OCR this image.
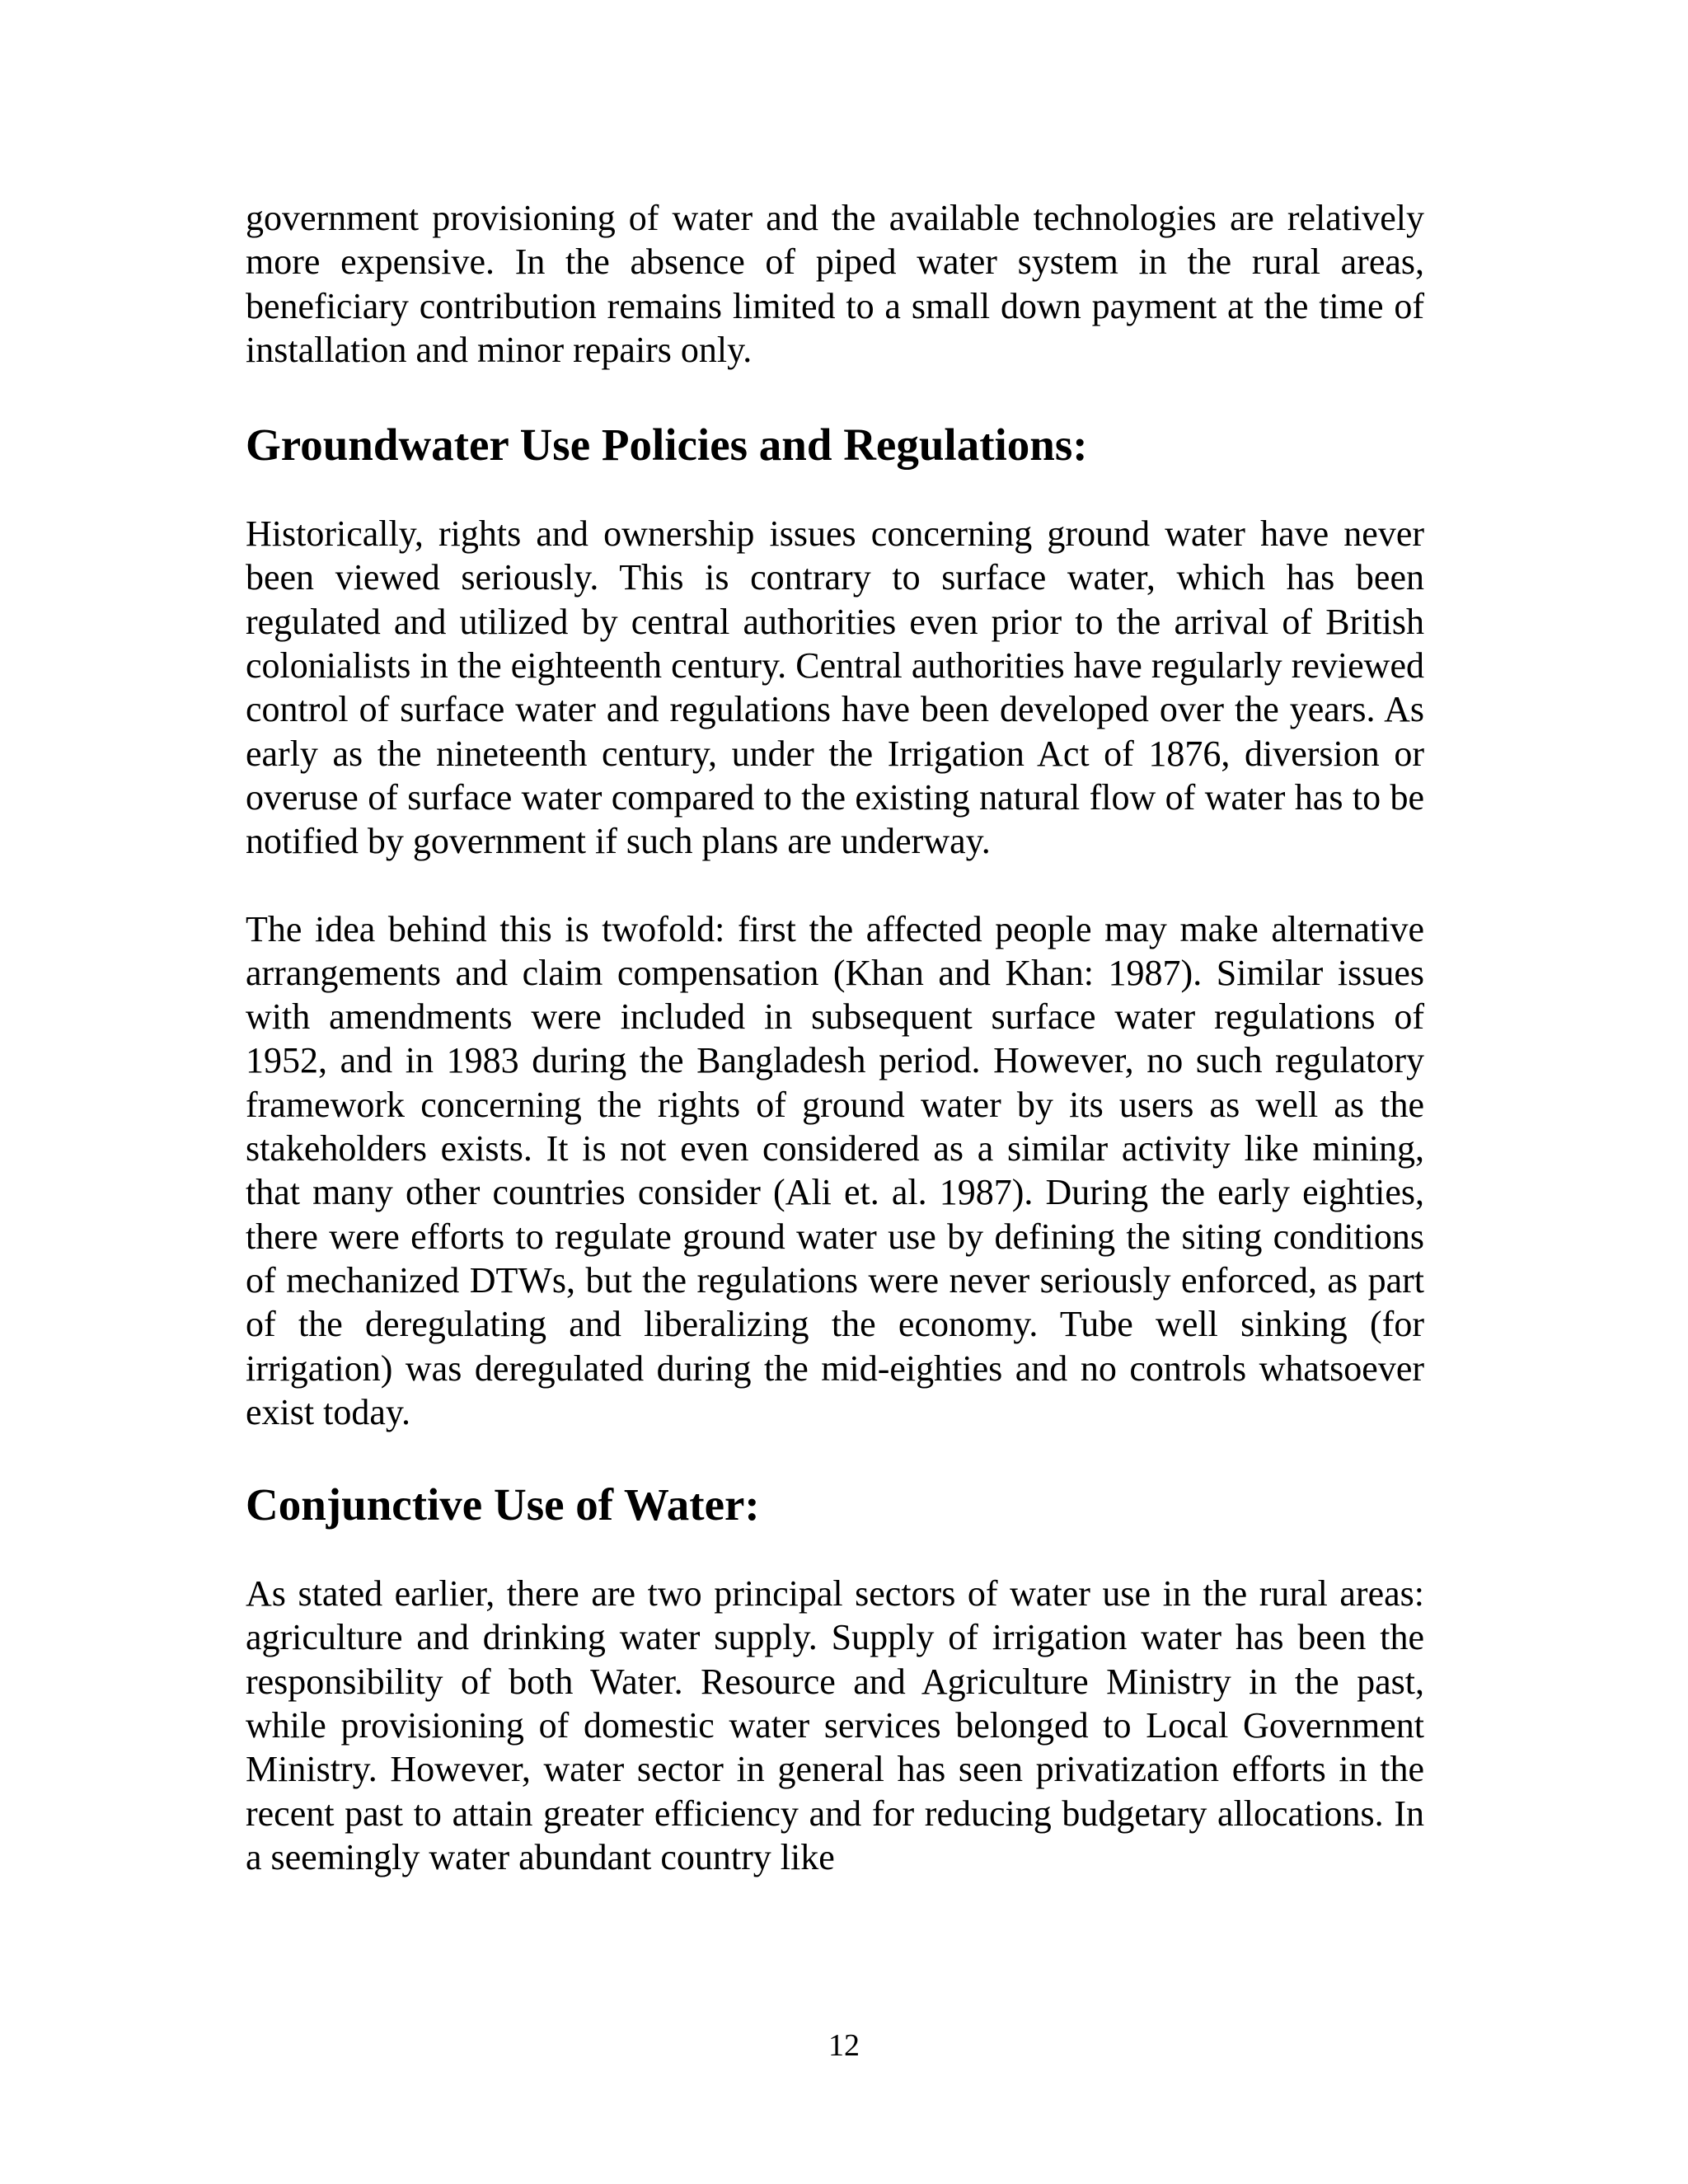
government provisioning of water and the available technologies are relatively more expensive. In the absence of piped water system in the rural areas, beneficiary contribution remains limited to a small down payment at the time of installation and minor repairs only.

Groundwater Use Policies and Regulations:

Historically, rights and ownership issues concerning ground water have never been viewed seriously. This is contrary to surface water, which has been regulated and utilized by central authorities even prior to the arrival of British colonialists in the eighteenth century. Central authorities have regularly reviewed control of surface water and regulations have been developed over the years. As early as the nineteenth century, under the Irrigation Act of 1876, diversion or overuse of surface water compared to the existing natural flow of water has to be notified by government if such plans are underway.

The idea behind this is twofold: first the affected people may make alternative arrangements and claim compensation (Khan and Khan: 1987). Similar issues with amendments were included in subsequent surface water regulations of 1952, and in 1983 during the Bangladesh period. However, no such regulatory framework concerning the rights of ground water by its users as well as the stakeholders exists. It is not even considered as a similar activity like mining, that many other countries consider (Ali et. al. 1987). During the early eighties, there were efforts to regulate ground water use by defining the siting conditions of mechanized DTWs, but the regulations were never seriously enforced, as part of the deregulating and liberalizing the economy. Tube well sinking (for irrigation) was deregulated during the mid-eighties and no controls whatsoever exist today.

Conjunctive Use of Water:

As stated earlier, there are two principal sectors of water use in the rural areas: agriculture and drinking water supply. Supply of irrigation water has been the responsibility of both Water. Resource and Agriculture Ministry in the past, while provisioning of domestic water services belonged to Local Government Ministry. However, water sector in general has seen privatization efforts in the recent past to attain greater efficiency and for reducing budgetary allocations. In a seemingly water abundant country like

12
